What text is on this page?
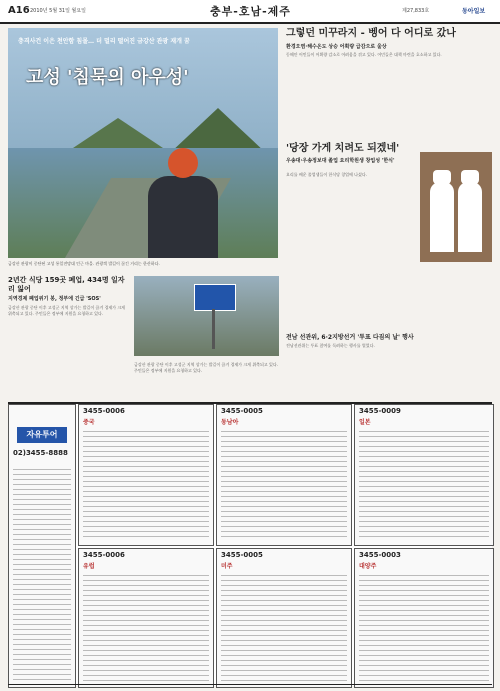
A16 2010년 5월 31일 월요일	충부-호남-제주	제27,833호	동아일보
충격사건 이은 천안함 침몰… 더 멀리 떨어진 금강산 관광 재개 꿈
고성 '침묵의 아우성'
금강산 관광이 중단된 고성 통일전망대 인근 마을. 관광객 발길이 끊긴 거리는 한산하다.
2년간 식당 159곳 폐업, 434명 일자리 잃어
지역경제 폐업위기 봉, 정부에 긴급 'SOS'
금강산 관광 중단 이후 고성군 지역 상가는 발길이 끊겨 경제가 크게 위축되고 있다. 주민들은 정부에 지원을 요청하고 있다.
금강산 관광 중단 이후 고성군 지역 상가는 발길이 끊겨 경제가 크게 위축되고 있다. 주민들은 정부에 지원을 요청하고 있다.
그렇던 미꾸라지 - 벵어 다 어디로 갔나
환경오염·해수온도 상승 어획량 급감으로 울상
동해안 어민들이 어획량 감소로 어려움을 겪고 있다. 어민들은 대책 마련을 호소하고 있다.
'당장 가게 치려도 되겠네'
우송대·우송정보대 졸업 요리학원생 창업성 '한식'
요리를 배운 졸업생들이 한식당 창업에 나섰다.
전남 선관위, 6·2지방선거 '투표 다짐의 날' 행사
전남선관위는 투표 참여를 독려하는 행사를 열었다.
자유투어
02)3455-8888
3455-0006
중국
3455-0005
동남아
3455-0009
일본
3455-0006
유럽
3455-0005
미주
3455-0003
대양주
